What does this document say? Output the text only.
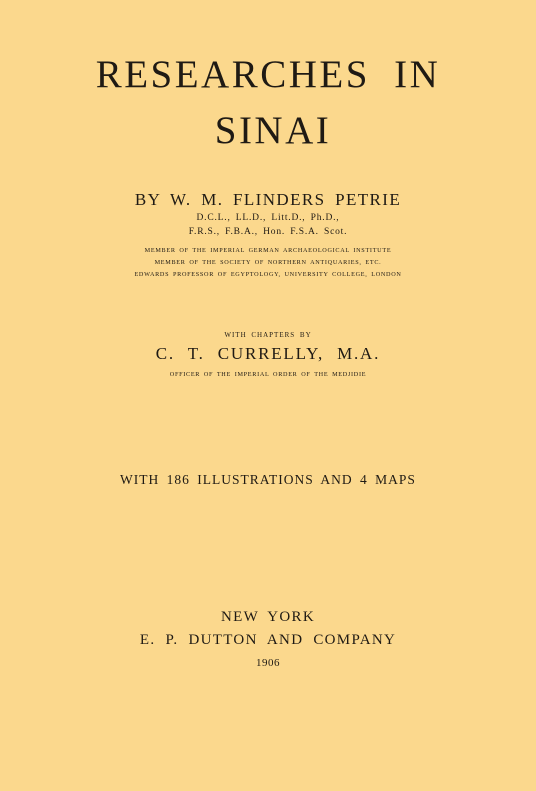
RESEARCHES IN
SINAI

BY W. M. FLINDERS PETRIE

D.C.L., LL.D., Litt.D., Ph.D.,

F.R.S., F.B.A., Hon. F.S.A. Scot.

MEMBER OF THE IMPERIAL GERMAN ARCHAEOLOGICAL INSTITUTE

MEMBER OF THE SOCIETY OF NORTHERN ANTIQUARIES, ETC.

EDWARDS PROFESSOR OF EGYPTOLOGY, UNIVERSITY COLLEGE, LONDON

WITH CHAPTERS BY

C. T. CURRELLY, M.A.

OFFICER OF THE IMPERIAL ORDER OF THE MEDJIDIE

WITH 186 ILLUSTRATIONS AND 4 MAPS

NEW YORK

E. P. DUTTON AND COMPANY

1906
